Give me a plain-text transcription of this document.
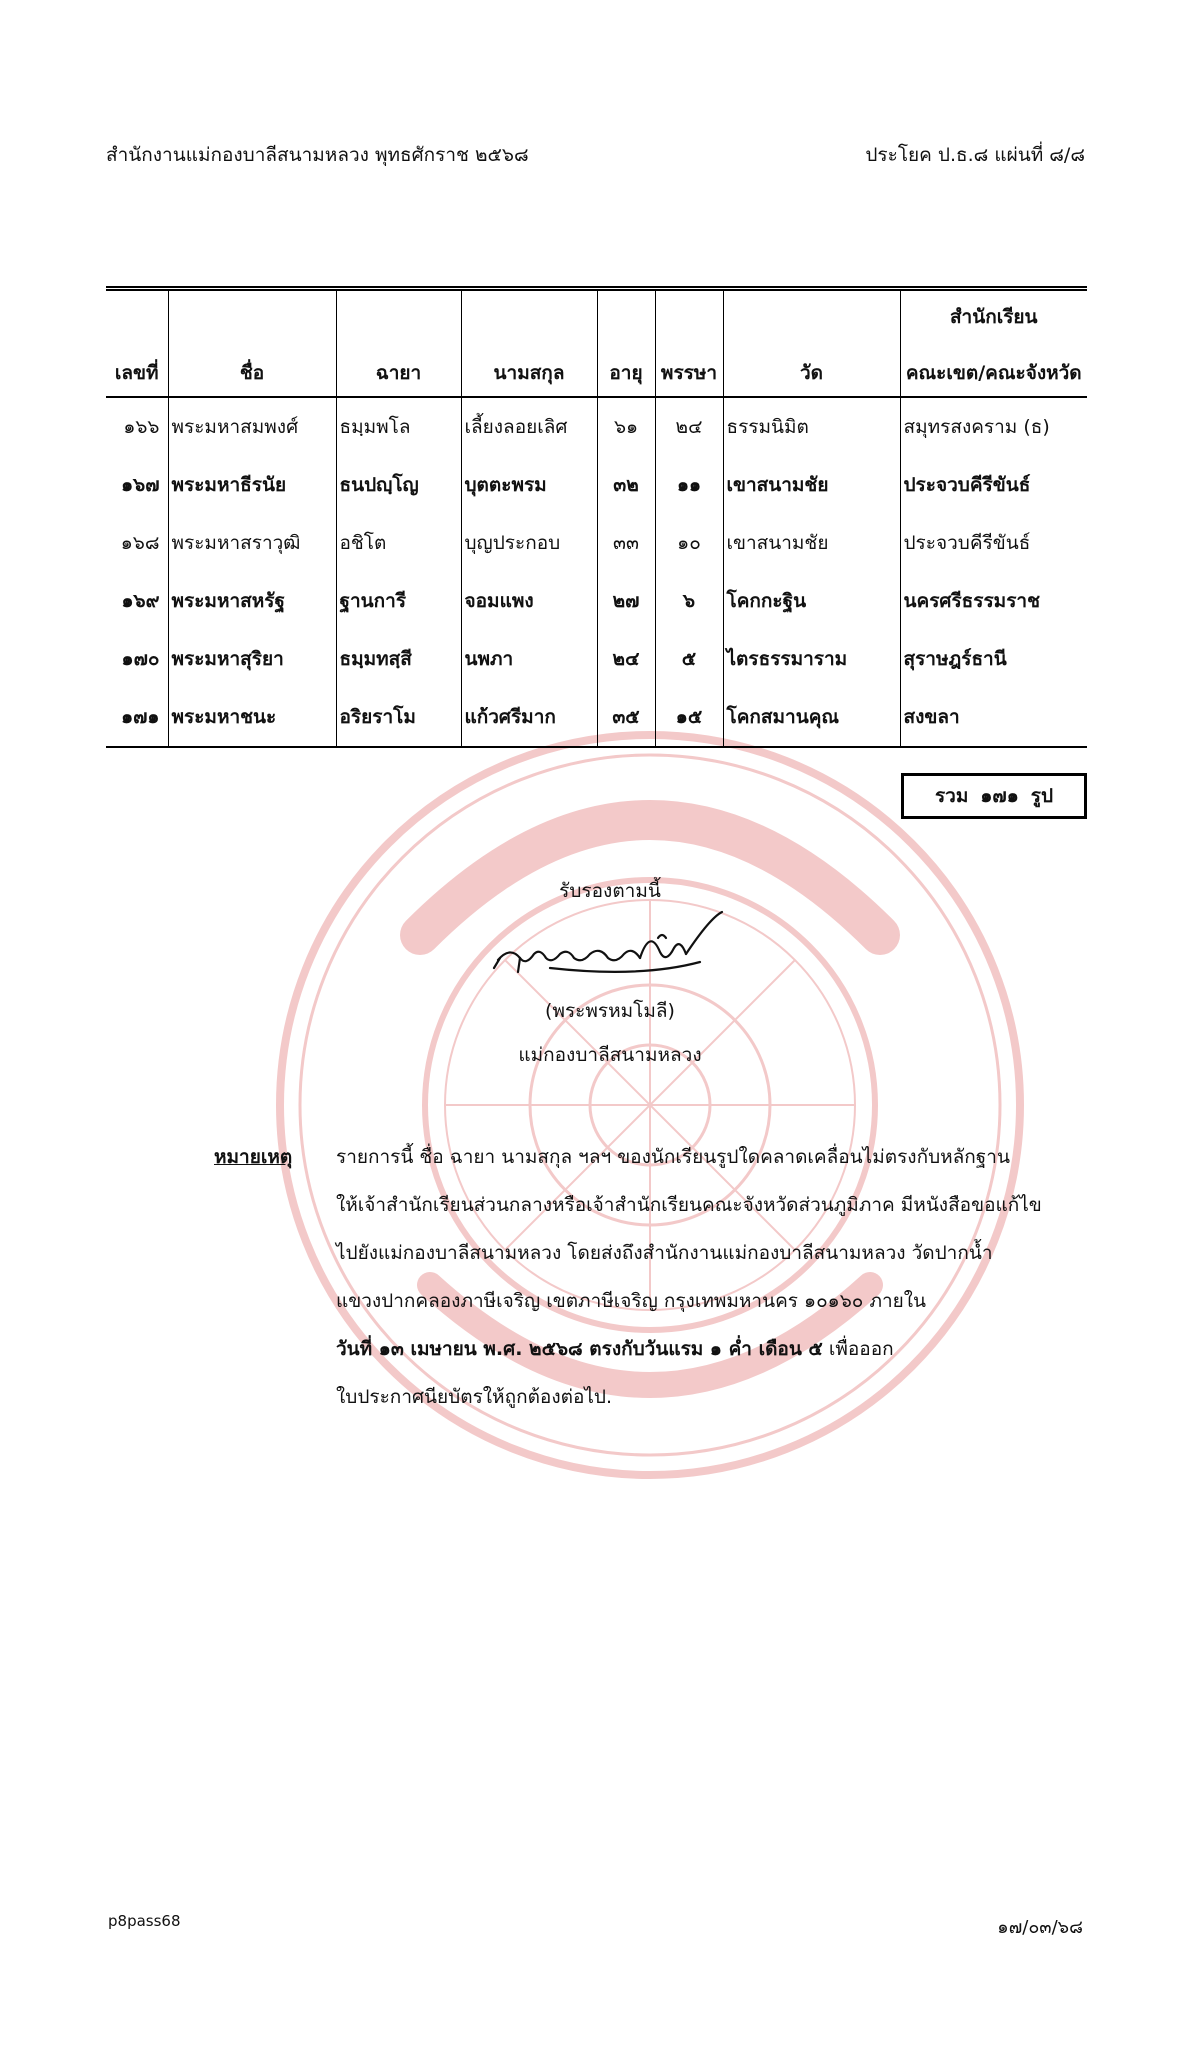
สำนักงานแม่กองบาลีสนามหลวง พุทธศักราช ๒๕๖๘	ประโยค ป.ธ.๘ แผ่นที่ ๘/๘
							สำนักเรียน
เลขที่	ชื่อ	ฉายา	นามสกุล	อายุ	พรรษา	วัด	คณะเขต/คณะจังหวัด
๑๖๖	พระมหาสมพงศ์	ธมฺมพโล	เลี้ยงลอยเลิศ	๖๑	๒๔	ธรรมนิมิต	สมุทรสงคราม (ธ)
๑๖๗	พระมหาธีรนัย	ธนปญฺโญ	บุตตะพรม	๓๒	๑๑	เขาสนามชัย	ประจวบคีรีขันธ์
๑๖๘	พระมหาสราวุฒิ	อชิโต	บุญประกอบ	๓๓	๑๐	เขาสนามชัย	ประจวบคีรีขันธ์
๑๖๙	พระมหาสหรัฐ	ฐานการี	จอมแพง	๒๗	๖	โคกกะฐิน	นครศรีธรรมราช
๑๗๐	พระมหาสุริยา	ธมฺมทสฺสี	นพภา	๒๔	๕	ไตรธรรมาราม	สุราษฎร์ธานี
๑๗๑	พระมหาชนะ	อริยราโม	แก้วศรีมาก	๓๕	๑๕	โคกสมานคุณ	สงขลา
รวม ๑๗๑ รูป
รับรองตามนี้
(พระพรหมโมลี)
แม่กองบาลีสนามหลวง
หมายเหตุ รายการนี้ ชื่อ ฉายา นามสกุล ฯลฯ ของนักเรียนรูปใดคลาดเคลื่อนไม่ตรงกับหลักฐาน
ให้เจ้าสำนักเรียนส่วนกลางหรือเจ้าสำนักเรียนคณะจังหวัดส่วนภูมิภาค มีหนังสือขอแก้ไข
ไปยังแม่กองบาลีสนามหลวง โดยส่งถึงสำนักงานแม่กองบาลีสนามหลวง วัดปากน้ำ
แขวงปากคลองภาษีเจริญ เขตภาษีเจริญ กรุงเทพมหานคร ๑๐๑๖๐ ภายใน
วันที่ ๑๓ เมษายน พ.ศ. ๒๕๖๘ ตรงกับวันแรม ๑ ค่ำ เดือน ๕ เพื่อออก
ใบประกาศนียบัตรให้ถูกต้องต่อไป.
p8pass68	๑๗/๐๓/๖๘
